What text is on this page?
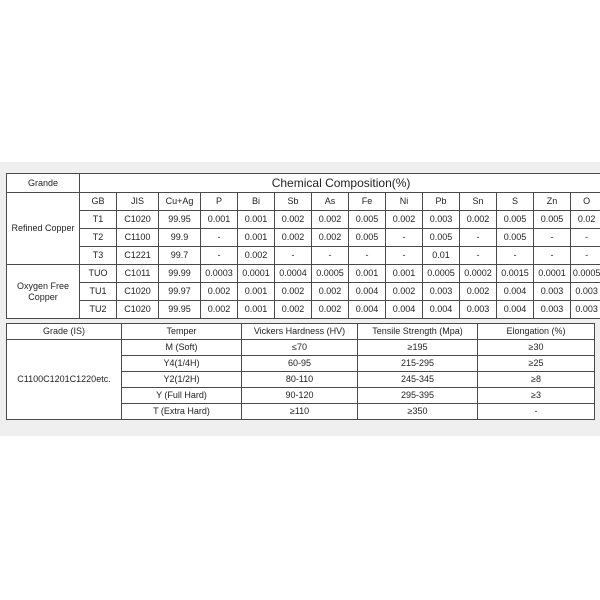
Grande	Chemical Composition(%)													
Refined Copper	GB	JIS	Cu+Ag	P	Bi	Sb	As	Fe	Ni	Pb	Sn	S	Zn	O
	T1	C1020	99.95	0.001	0.001	0.002	0.002	0.005	0.002	0.003	0.002	0.005	0.005	0.02
	T2	C1100	99.9	-	0.001	0.002	0.002	0.005	-	0.005	-	0.005	-	-
	T3	C1221	99.7	-	0.002	-	-	-	-	0.01	-	-	-	-
Oxygen Free Copper	TUO	C1011	99.99	0.0003	0.0001	0.0004	0.0005	0.001	0.001	0.0005	0.0002	0.0015	0.0001	0.0005
	TU1	C1020	99.97	0.002	0.001	0.002	0.002	0.004	0.002	0.003	0.002	0.004	0.003	0.003
	TU2	C1020	99.95	0.002	0.001	0.002	0.002	0.004	0.004	0.004	0.003	0.004	0.003	0.003
Grade (IS)	Temper	Vickers Hardness (HV)	Tensile Strength (Mpa)	Elongation (%)
C1100C1201C1220etc.	M (Soft)	≤70	≥195	≥30
	Y4(1/4H)	60-95	215-295	≥25
	Y2(1/2H)	80-110	245-345	≥8
	Y (Full Hard)	90-120	295-395	≥3
	T (Extra Hard)	≥110	≥350	-
